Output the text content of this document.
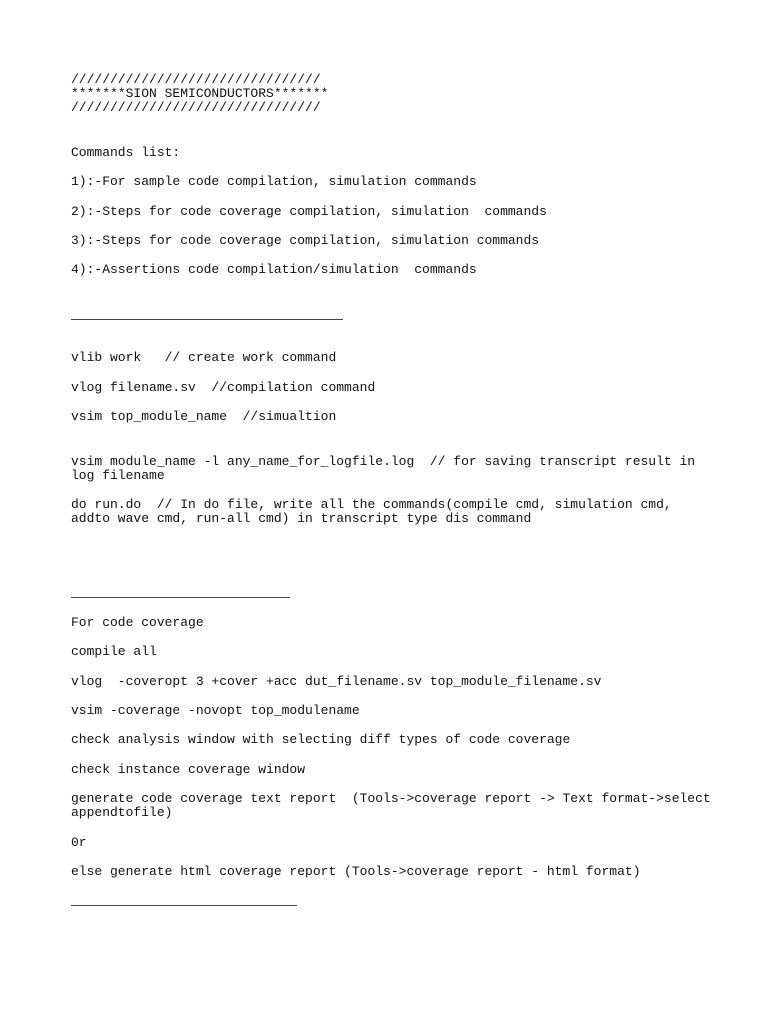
////////////////////////////////
*******SION SEMICONDUCTORS*******
////////////////////////////////
Commands list:
1):-For sample code compilation, simulation commands
2):-Steps for code coverage compilation, simulation  commands
3):-Steps for code coverage compilation, simulation commands
4):-Assertions code compilation/simulation  commands
vlib work   // create work command
vlog filename.sv  //compilation command
vsim top_module_name  //simualtion
vsim module_name -l any_name_for_logfile.log  // for saving transcript result in log filename
do run.do  // In do file, write all the commands(compile cmd, simulation cmd, addto wave cmd, run-all cmd) in transcript type dis command
For code coverage
compile all
vlog  -coveropt 3 +cover +acc dut_filename.sv top_module_filename.sv
vsim -coverage -novopt top_modulename
check analysis window with selecting diff types of code coverage
check instance coverage window
generate code coverage text report  (Tools->coverage report -> Text format->select appendtofile)
0r
else generate html coverage report (Tools->coverage report - html format)
